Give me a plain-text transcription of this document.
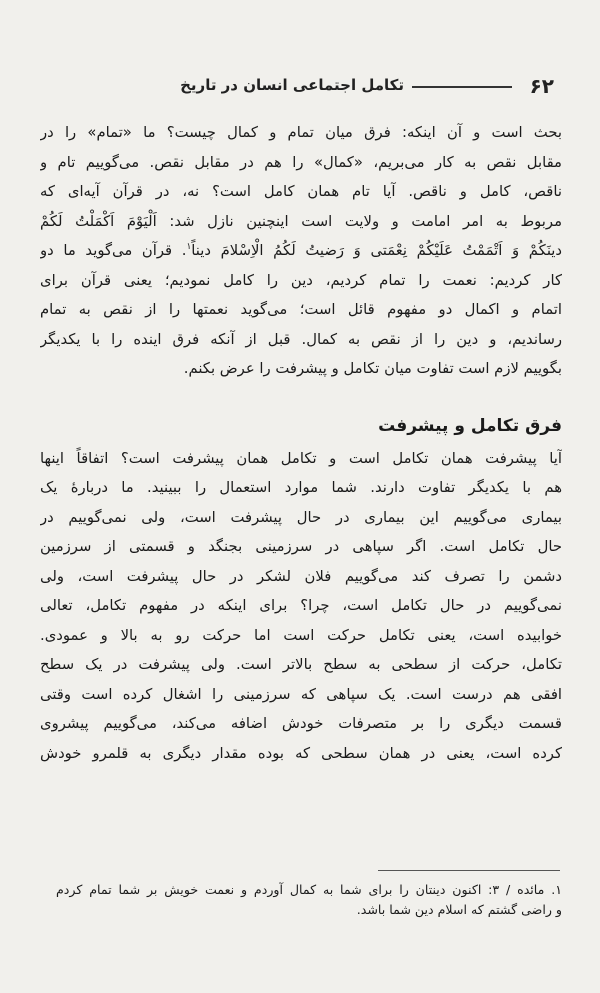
۶۲
تکامل اجتماعی انسان در تاریخ
بحث است و آن اینکه: فرق میان تمام و کمال چیست؟ ما «تمام» را در
مقابل نقص به کار می‌بریم، «کمال» را هم در مقابل نقص. می‌گوییم تام و
ناقص، کامل و ناقص. آیا تام همان کامل است؟ نه، در قرآن آیه‌ای که
مربوط به امر امامت و ولایت است اینچنین نازل شد: اَلْیَوْمَ اَکْمَلْتُ لَکُمْ
دینَکُمْ وَ اَتْمَمْتُ عَلَیْکُمْ نِعْمَتی وَ رَضیتُ لَکُمُ الْاِسْلامَ دیناً$^۱$. قرآن می‌گوید ما دو
کار کردیم: نعمت را تمام کردیم، دین را کامل نمودیم؛ یعنی قرآن برای
اتمام و اکمال دو مفهوم قائل است؛ می‌گوید نعمتها را از نقص به تمام
رساندیم، و دین را از نقص به کمال. قبل از آنکه فرق اینده را با یکدیگر
بگوییم لازم است تفاوت میان تکامل و پیشرفت را عرض بکنم.
فرق تکامل و پیشرفت
آیا پیشرفت همان تکامل است و تکامل همان پیشرفت است؟ اتفاقاً اینها
هم با یکدیگر تفاوت دارند. شما موارد استعمال را ببینید. ما دربارهٔ یک
بیماری می‌گوییم این بیماری در حال پیشرفت است، ولی نمی‌گوییم در
حال تکامل است. اگر سپاهی در سرزمینی بجنگد و قسمتی از سرزمین
دشمن را تصرف کند می‌گوییم فلان لشکر در حال پیشرفت است، ولی
نمی‌گوییم در حال تکامل است، چرا؟ برای اینکه در مفهوم تکامل، تعالی
خوابیده است، یعنی تکامل حرکت است اما حرکت رو به بالا و عمودی.
تکامل، حرکت از سطحی به سطح بالاتر است. ولی پیشرفت در یک سطح
افقی هم درست است. یک سپاهی که سرزمینی را اشغال کرده است وقتی
قسمت دیگری را بر متصرفات خودش اضافه می‌کند، می‌گوییم پیشروی
کرده است، یعنی در همان سطحی که بوده مقدار دیگری به قلمرو خودش
۱. مائده / ۳: اکنون دینتان را برای شما به کمال آوردم و نعمت خویش بر شما تمام کردم
و راضی گشتم که اسلام دین شما باشد.
